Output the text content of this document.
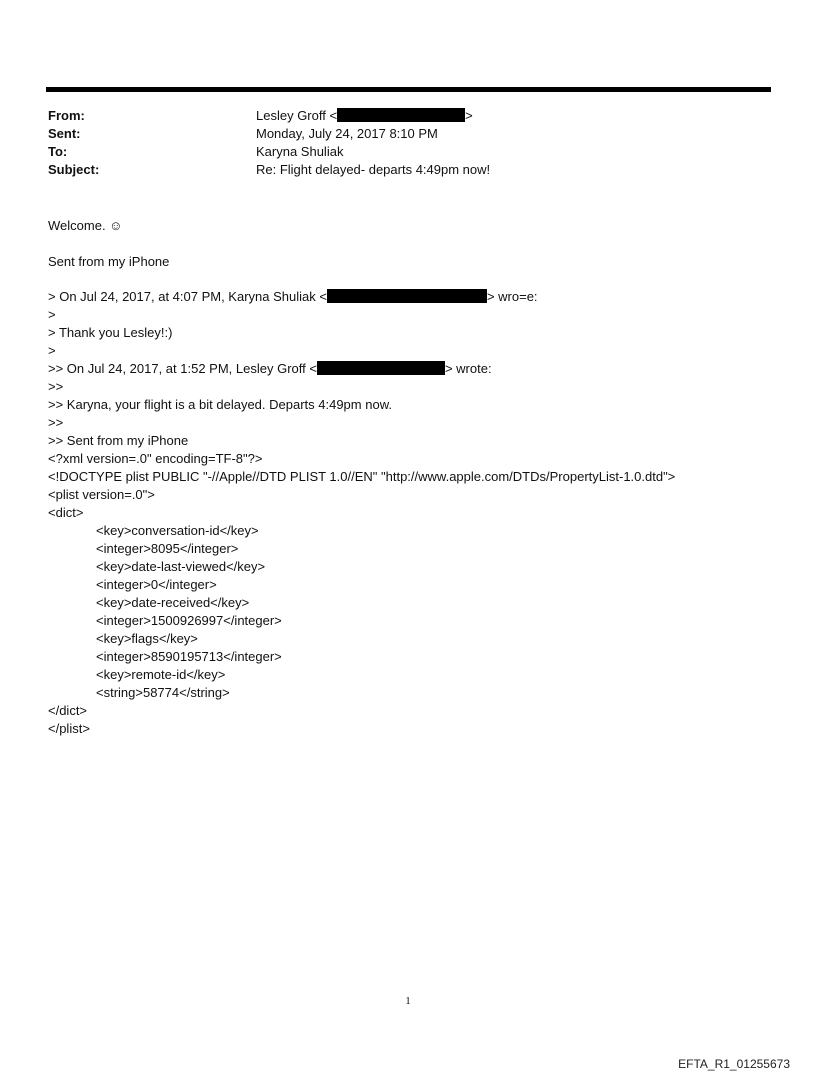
From:	Lesley Groff <	>
Sent:	Monday, July 24, 2017 8:10 PM
To:	Karyna Shuliak
Subject:	Re: Flight delayed- departs 4:49pm now!
Welcome. ☺
Sent from my iPhone
> On Jul 24, 2017, at 4:07 PM, Karyna Shuliak <	> wro=e:
>
> Thank you Lesley!:)
>
>> On Jul 24, 2017, at 1:52 PM, Lesley Groff <	> wrote:
>>
>> Karyna, your flight is a bit delayed. Departs 4:49pm now.
>>
>> Sent from my iPhone
<?xml version=.0" encoding=TF-8"?>
<!DOCTYPE plist PUBLIC "-//Apple//DTD PLIST 1.0//EN" "http://www.apple.com/DTDs/PropertyList-1.0.dtd">
<plist version=.0">
<dict>
<key>conversation-id</key>
<integer>8095</integer>
<key>date-last-viewed</key>
<integer>0</integer>
<key>date-received</key>
<integer>1500926997</integer>
<key>flags</key>
<integer>8590195713</integer>
<key>remote-id</key>
<string>58774</string>
</dict>
</plist>
1
EFTA_R1_01255673
